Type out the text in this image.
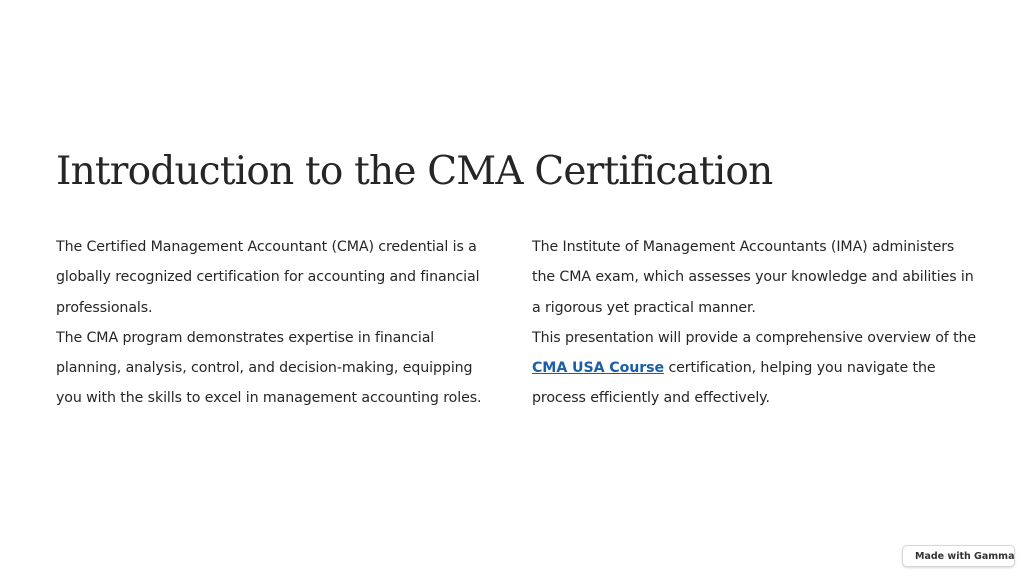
Introduction to the CMA Certification

The Certified Management Accountant (CMA) credential is a globally recognized certification for accounting and financial professionals.

The CMA program demonstrates expertise in financial planning, analysis, control, and decision-making, equipping you with the skills to excel in management accounting roles.

The Institute of Management Accountants (IMA) administers the CMA exam, which assesses your knowledge and abilities in a rigorous yet practical manner.

This presentation will provide a comprehensive overview of the CMA USA Course certification, helping you navigate the process efficiently and effectively.

Made with Gamma
